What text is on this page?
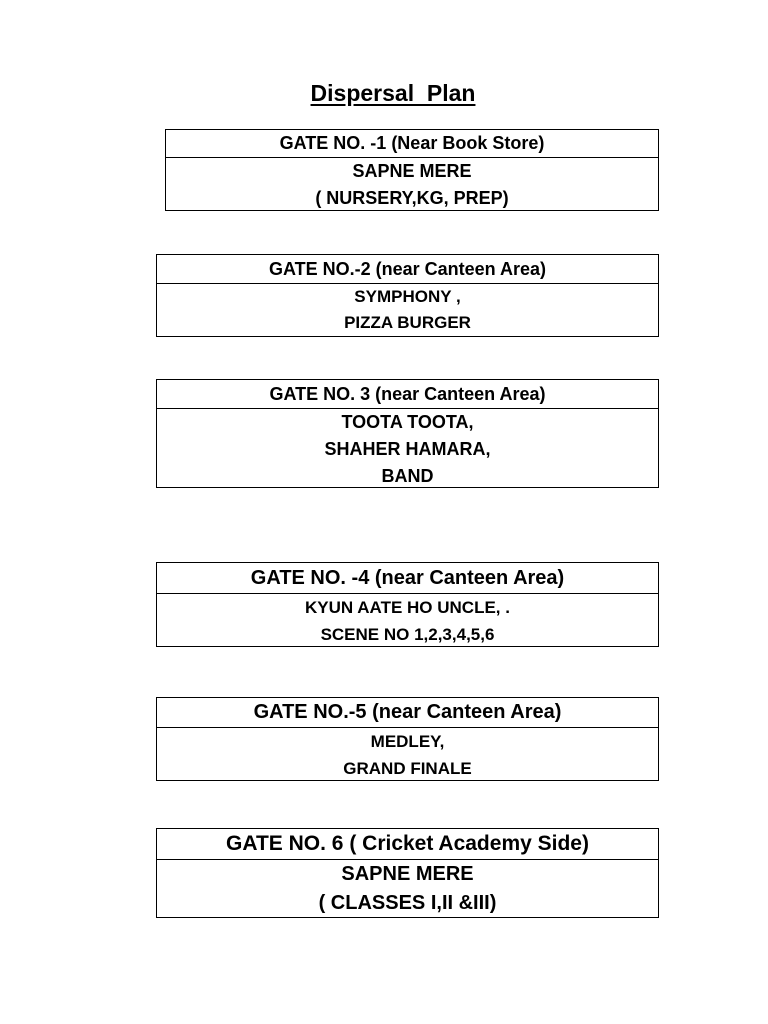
Dispersal  Plan
GATE NO. -1 (Near Book Store)
SAPNE MERE
( NURSERY,KG, PREP)
GATE NO.-2 (near Canteen Area)
SYMPHONY ,
PIZZA BURGER
GATE NO. 3 (near Canteen Area)
TOOTA TOOTA,
SHAHER HAMARA,
BAND
GATE NO. -4 (near Canteen Area)
KYUN AATE HO UNCLE, .
SCENE NO 1,2,3,4,5,6
GATE NO.-5 (near Canteen Area)
MEDLEY,
GRAND FINALE
GATE NO. 6 ( Cricket Academy Side)
SAPNE MERE
( CLASSES I,II &III)
